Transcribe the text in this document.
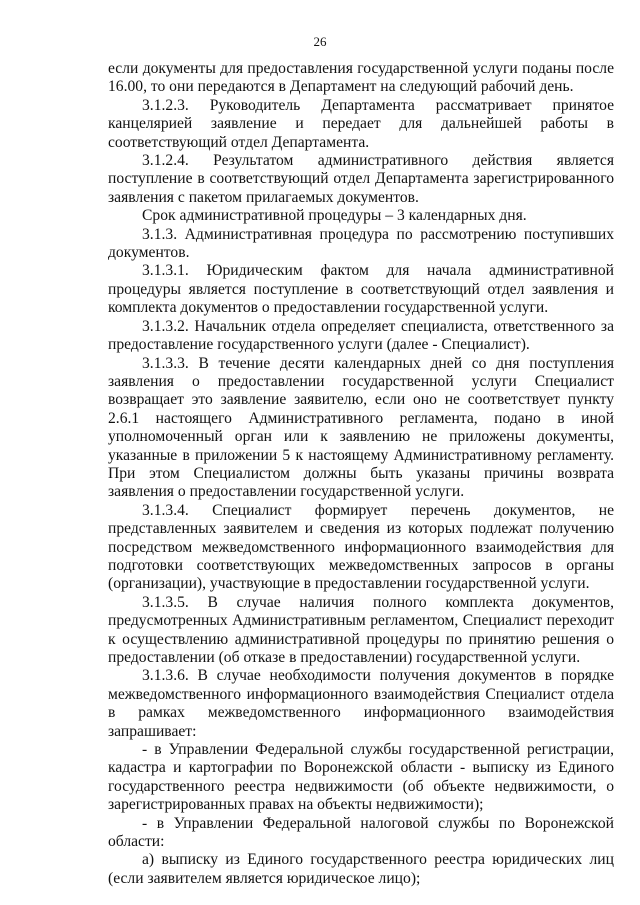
26

если документы для предоставления государственной услуги поданы после 16.00, то они передаются в Департамент на следующий рабочий день.

3.1.2.3. Руководитель Департамента рассматривает принятое канцелярией заявление и передает для дальнейшей работы в соответствующий отдел Департамента.

3.1.2.4. Результатом административного действия является поступление в соответствующий отдел Департамента зарегистрированного заявления с пакетом прилагаемых документов.

Срок административной процедуры – 3 календарных дня.

3.1.3. Административная процедура по рассмотрению поступивших документов.

3.1.3.1. Юридическим фактом для начала административной процедуры является поступление в соответствующий отдел заявления и комплекта документов о предоставлении государственной услуги.

3.1.3.2. Начальник отдела определяет специалиста, ответственного за предоставление государственного услуги (далее - Специалист).

3.1.3.3. В течение десяти календарных дней со дня поступления заявления о предоставлении государственной услуги Специалист возвращает это заявление заявителю, если оно не соответствует пункту 2.6.1 настоящего Административного регламента, подано в иной уполномоченный орган или к заявлению не приложены документы, указанные в приложении 5 к настоящему Административному регламенту. При этом Специалистом должны быть указаны причины возврата заявления о предоставлении государственной услуги.

3.1.3.4. Специалист формирует перечень документов, не представленных заявителем и сведения из которых подлежат получению посредством межведомственного информационного взаимодействия для подготовки соответствующих межведомственных запросов в органы (организации), участвующие в предоставлении государственной услуги.

3.1.3.5. В случае наличия полного комплекта документов, предусмотренных Административным регламентом, Специалист переходит к осуществлению административной процедуры по принятию решения о предоставлении (об отказе в предоставлении) государственной услуги.

3.1.3.6. В случае необходимости получения документов в порядке межведомственного информационного взаимодействия Специалист отдела в рамках межведомственного информационного взаимодействия запрашивает:

- в Управлении Федеральной службы государственной регистрации, кадастра и картографии по Воронежской области - выписку из Единого государственного реестра недвижимости (об объекте недвижимости, о зарегистрированных правах на объекты недвижимости);

- в Управлении Федеральной налоговой службы по Воронежской области:

а) выписку из Единого государственного реестра юридических лиц (если заявителем является юридическое лицо);
